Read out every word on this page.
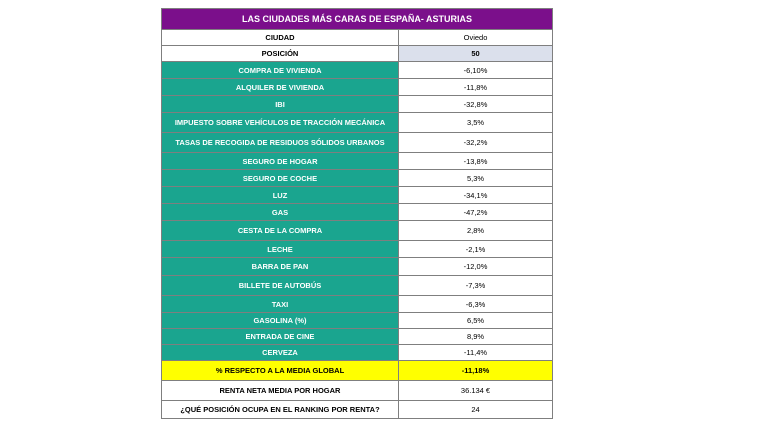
LAS CIUDADES MÁS CARAS DE ESPAÑA- ASTURIAS	
CIUDAD	Oviedo
POSICIÓN	50
COMPRA DE VIVIENDA	-6,10%
ALQUILER DE VIVIENDA	-11,8%
IBI	-32,8%
IMPUESTO SOBRE VEHÍCULOS DE TRACCIÓN MECÁNICA	3,5%
TASAS DE RECOGIDA DE RESIDUOS SÓLIDOS URBANOS	-32,2%
SEGURO DE HOGAR	-13,8%
SEGURO DE COCHE	5,3%
LUZ	-34,1%
GAS	-47,2%
CESTA DE LA COMPRA	2,8%
LECHE	-2,1%
BARRA DE PAN	-12,0%
BILLETE DE AUTOBÚS	-7,3%
TAXI	-6,3%
GASOLINA (%)	6,5%
ENTRADA DE CINE	8,9%
CERVEZA	-11,4%
% RESPECTO A LA MEDIA GLOBAL	-11,18%
RENTA NETA MEDIA POR HOGAR	36.134 €
¿QUÉ POSICIÓN OCUPA EN EL RANKING POR RENTA?	24
